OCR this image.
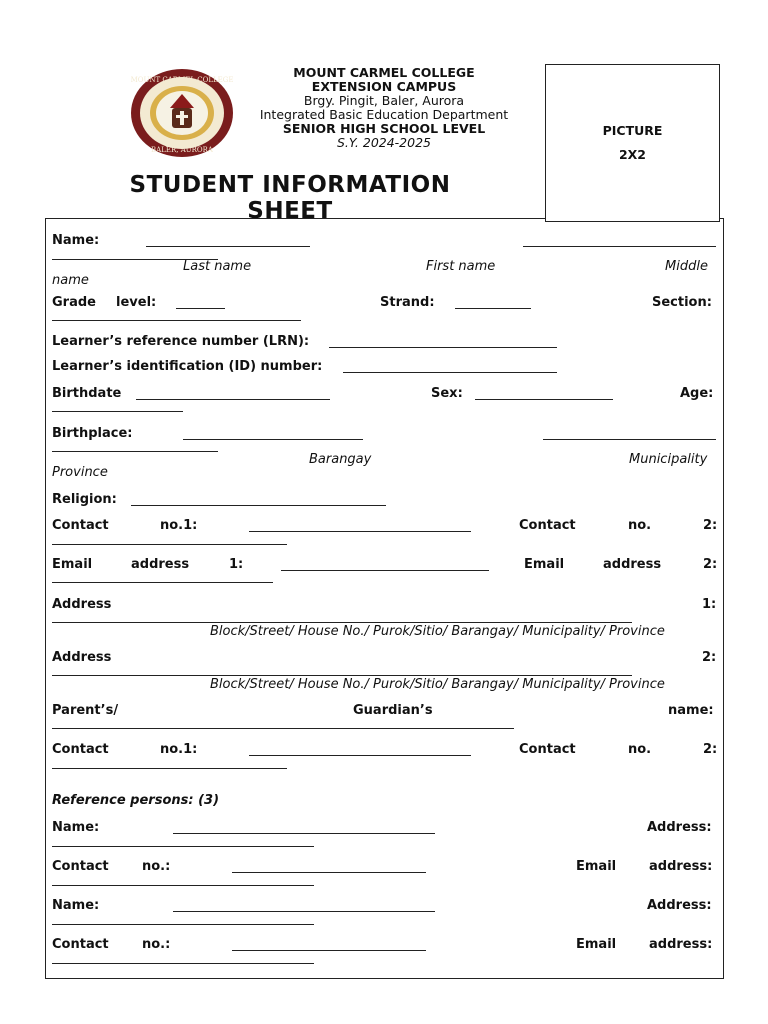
MOUNT CARMEL COLLEGE
BALER, AURORA
MOUNT CARMEL COLLEGE
EXTENSION CAMPUS
Brgy. Pingit, Baler, Aurora
Integrated Basic Education Department
SENIOR HIGH SCHOOL LEVEL
S.Y. 2024-2025
STUDENT INFORMATION
SHEET
PICTURE
2X2
Name:
Last name	First name	Middle
name
Grade level:	Strand:	Section:
Learner’s reference number (LRN):
Learner’s identification (ID) number:
Birthdate	Sex:	Age:
Birthplace:
Barangay	Municipality
Province
Religion:
Contact	no.1:	Contact	no.	2:
Email	address	1:	Email	address	2:
Address	1:
Block/Street/ House No./ Purok/Sitio/ Barangay/ Municipality/ Province
Address	2:
Block/Street/ House No./ Purok/Sitio/ Barangay/ Municipality/ Province
Parent’s/	Guardian’s	name:
Contact	no.1:	Contact	no.	2:
Reference persons: (3)
Name:	Address:
Contact	no.:	Email	address:
Name:	Address:
Contact	no.:	Email	address:
